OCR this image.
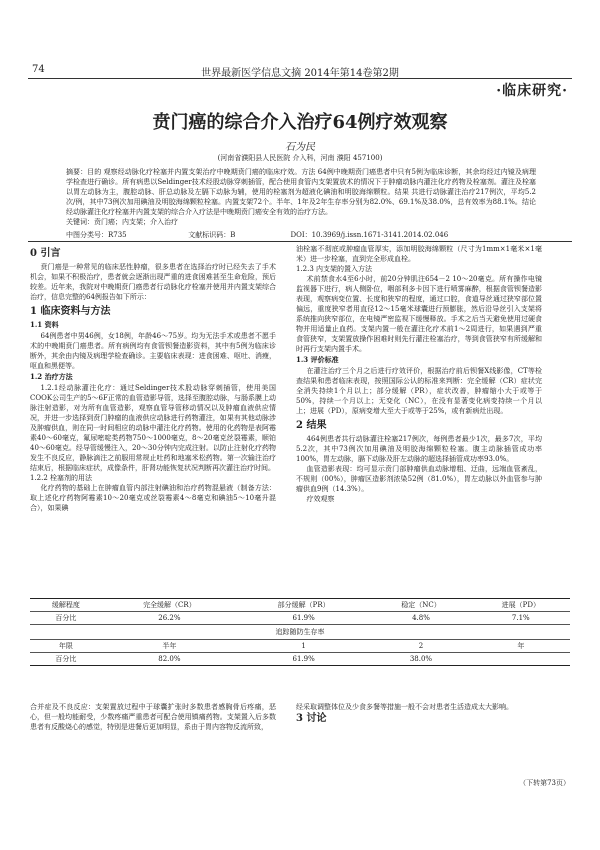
74	世界最新医学信息文摘 2014年第14卷第2期
·临床研究·
贲门癌的综合介入治疗64例疗效观察
石为民
(河南省濮阳县人民医院 介入科，河南 濮阳 457100)

摘要：目的 观察经动脉化疗栓塞并内置支架治疗中晚期贲门癌的临床疗效。方法 64例中晚期贲门癌患者中只有5例为临床诊断，其余均经过内镜及病理学检查进行确诊。所有病患以Seldinger技术经股动脉穿刺插管，配合使用食管内支架置放术的情况下于肿瘤动脉内灌注化疗药物及栓塞剂。灌注及栓塞以胃左动脉为主，腹腔动脉、肝总动脉及左膈下动脉为辅，使用的栓塞剂为超液化碘油和明胶海绵颗粒。结果 共进行动脉灌注治疗217例次，平均5.2次/例，其中73例次加用碘油及明胶海绵颗粒栓塞。内置支架72个。半年、1年及2年生存率分别为82.0%、69.1%及38.0%，总有效率为88.1%。结论 经动脉灌注化疗栓塞并内置支架的综合介入疗法是中晚期贲门癌安全有效的治疗方法。

关键词：贲门癌；内支架；介入治疗

中图分类号：R735	文献标识码：B	DOI：10.3969/j.issn.1671-3141.2014.02.046
0 引言

贲门癌是一种常见的临床恶性肿瘤，很多患者在选择治疗时已经失去了手术机会，如果不积极治疗，患者就会逐渐出现严重的进食困难甚至生命危险，预后较差。近年来，我院对中晚期贲门癌患者行动脉化疗栓塞并使用并内置支架综合治疗，信息完整的64例报告如下所示：

1 临床资料与方法
1.1 资料

64例患者中男46例，女18例，年龄46～75岁。均为无法手术或患者不愿手术的中晚期贲门癌患者。所有病例均有食管钡餐造影资料，其中有5例为临床诊断外，其余由内镜及病理学检查确诊。主要临床表现：进食困难、呕吐、消瘦，呕血和黑便等。

1.2 治疗方法

1.2.1经动脉灌注化疗：通过Seldinger技术股动脉穿刺插管，使用美国COOK公司生产的5～6F正常的血管造影导管，选择至腹腔动脉，与肠系膜上动脉注射造影，对为所有血管造影，观察血管导管移动情况以及肿瘤血液供应情况，并进一步选择到贲门肿瘤的血液供应动脉进行药物灌注，如果有其他动脉涉及肿瘤供血，则在同一时间相应的动脉中灌注化疗药物。使用的化药物是表阿霉素40～60毫克，氟尿嘧啶类药物750～1000毫克，8～20毫克丝裂霉素，顺铂40～60毫克。经导管缓慢注入，20～30分钟内完成注射。以防止注射化疗药物发生不良反应，静脉滴注之前服用常规止吐药和地塞米松药物。第一次输注治疗结束后，根据临床症状，成像条件，肝肾功能恢复状况判断再次灌注治疗时间。

1.2.2 栓塞剂的用法

化疗药物的基础上在肿瘤血管内部注射碘油和治疗药物混悬液（制备方法：取上述化疗药物阿霉素10～20毫克或丝裂霉素4～8毫克和碘油5～10毫升混合），如果碘

油栓塞不彻底或肿瘤血管厚实，添加明胶海绵颗粒（尺寸为1mm×1毫米×1毫米）进一步栓塞，直到完全形成血栓。

1.2.3 内支架的置入方法

术前禁食水4至6小时，前20分钟肌注654－2 10～20毫克。所有操作电镜监视器下进行，病人侧卧位，咽部利多卡因下进行喷雾麻醉，根据食管钡餐造影表现，观察病变位置、长度和狭窄的程度，通过口腔，食道导丝通过狭窄部位置偏远，重度狭窄者用直径12～15毫米球囊进行预膨胀，然后沿导丝引入支架将系统推向狭窄部位，在电镜严密监视下缓慢释放。手术之后当天避免使用过硬食物并用适量止血药。支架内置一般在灌注化疗术前1～2周进行，如果遇到严重食管狭窄，支架置放操作困难时则先行灌注栓塞治疗，等到食管狭窄有所缓解和时再行支架内置手术。

1.3 评价标准

在灌注治疗三个月之后进行疗效评价，根据治疗前后钡餐X线影像，CT等检查结果和患者临床表现，按照国际公认的标准来判断：完全缓解（CR）症状完全消失持续1个月以上；部分缓解（PR），症状改善，肿瘤缩小大于或等于50%，持续一个月以上；无变化（NC），在没有显著变化病变持续一个月以上；进展（PD），原病变增大至大于或等于25%，或有新病灶出现。

2 结果

464例患者共行动脉灌注栓塞217例次，每例患者最少1次，最多7次，平均5.2次，其中73例次加用碘油及明胶海绵颗粒栓塞。腹主动脉插管成功率100%，胃左动脉，膈下动脉及肝左动脉的超选择插管成功率93.0%。

血管造影表现：均可显示贲门部肿瘤供血动脉增粗、迂曲，远端血管紊乱，不规则（00%），肿瘤区造影剂浓染52例（81.0%），胃左动脉以外血管参与肿瘤供血9例（14.3%）。

疗效观察

缓解程度	完全缓解（CR）	部分缓解（PR）	稳定（NC）	进展（PD）
百分比	26.2%	61.9%	4.8%	7.1%
追踪随防生存率				
年限	半年	1	2	年
百分比	82.0%	61.9%	38.0%	

合并症及不良反应：支架置放过程中于球囊扩张时多数患者感胸骨后疼痛，恶心，但一般均能耐受，少数疼痛严重患者可配合使用镇痛药物。支架置入后多数患者有反酸烧心的感觉，特别是进餐后更加明显，系由于胃内容物反流所致，

经采取调整体位及少食多餐等措施一般不会对患者生活造成太大影响。

3 讨论
（下转第73页）
